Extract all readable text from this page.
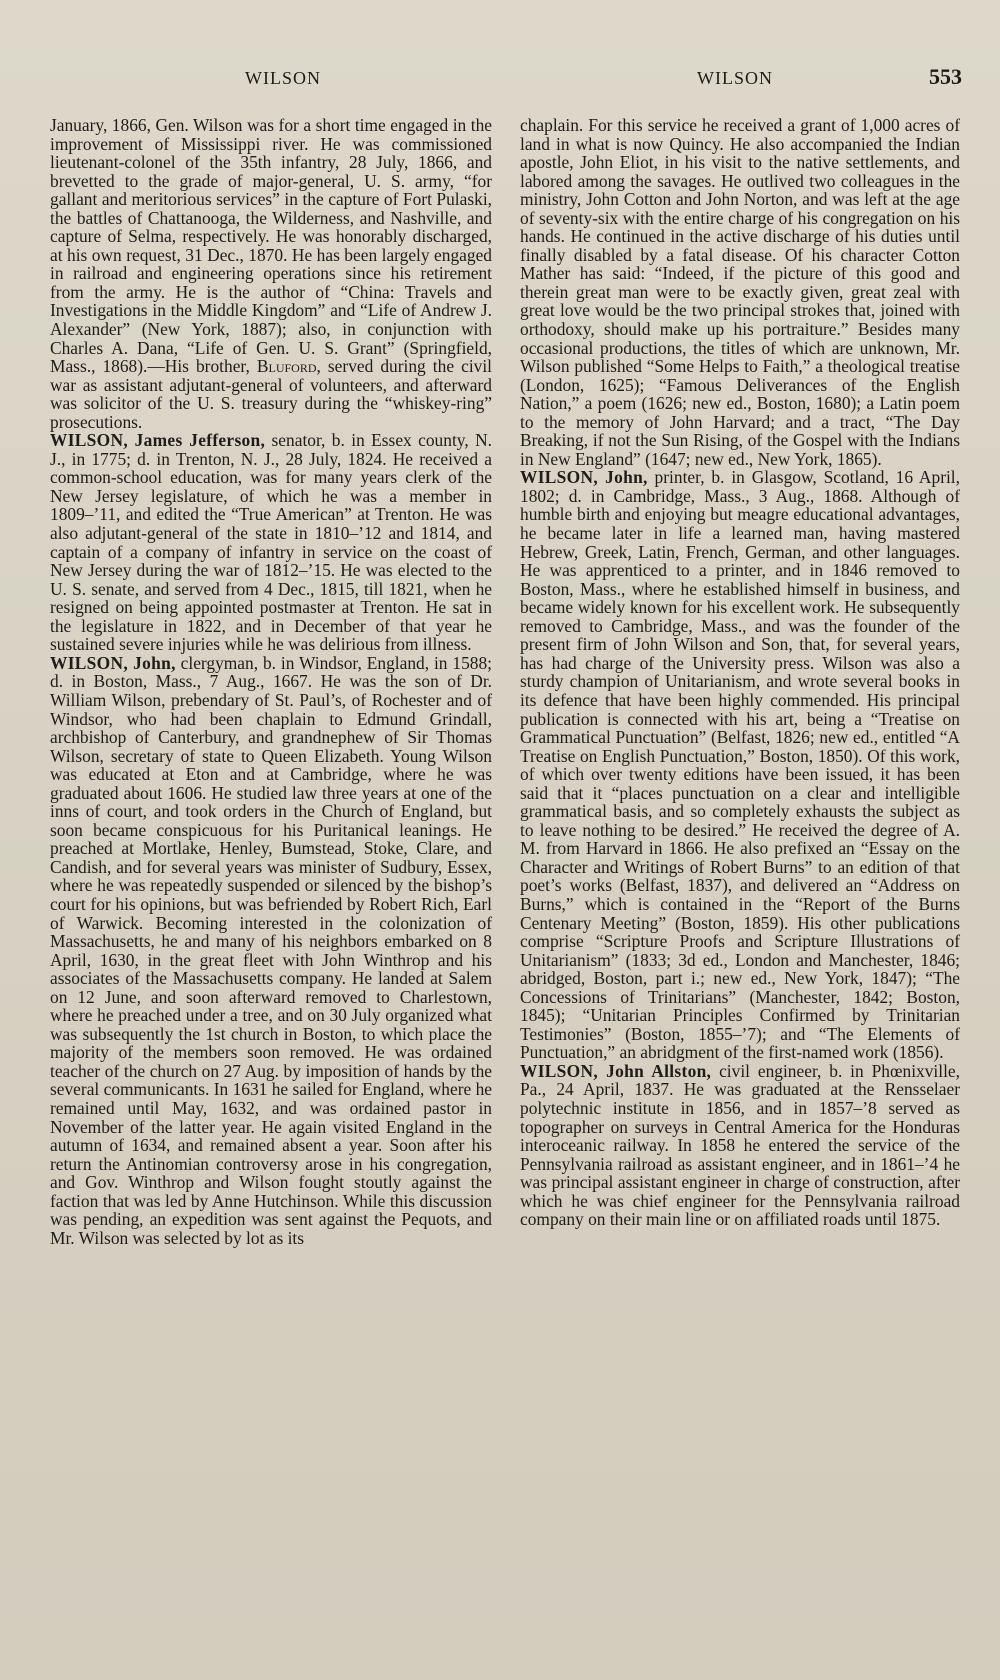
WILSON	WILSON	553

January, 1866, Gen. Wilson was for a short time engaged in the improvement of Mississippi river. He was commissioned lieutenant-colonel of the 35th infantry, 28 July, 1866, and brevetted to the grade of major-general, U. S. army, “for gallant and meritorious services” in the capture of Fort Pulaski, the battles of Chattanooga, the Wilderness, and Nashville, and capture of Selma, respectively. He was honorably discharged, at his own request, 31 Dec., 1870. He has been largely engaged in railroad and engineering operations since his retirement from the army. He is the author of “China: Travels and Investigations in the Middle Kingdom” and “Life of Andrew J. Alexander” (New York, 1887); also, in conjunction with Charles A. Dana, “Life of Gen. U. S. Grant” (Springfield, Mass., 1868).—His brother, Bluford, served during the civil war as assistant adjutant-general of volunteers, and afterward was solicitor of the U. S. treasury during the “whiskey-ring” prosecutions.

WILSON, James Jefferson, senator, b. in Essex county, N. J., in 1775; d. in Trenton, N. J., 28 July, 1824. He received a common-school education, was for many years clerk of the New Jersey legislature, of which he was a member in 1809–’11, and edited the “True American” at Trenton. He was also adjutant-general of the state in 1810–’12 and 1814, and captain of a company of infantry in service on the coast of New Jersey during the war of 1812–’15. He was elected to the U. S. senate, and served from 4 Dec., 1815, till 1821, when he resigned on being appointed postmaster at Trenton. He sat in the legislature in 1822, and in December of that year he sustained severe injuries while he was delirious from illness.

WILSON, John, clergyman, b. in Windsor, England, in 1588; d. in Boston, Mass., 7 Aug., 1667. He was the son of Dr. William Wilson, prebendary of St. Paul’s, of Rochester and of Windsor, who had been chaplain to Edmund Grindall, archbishop of Canterbury, and grandnephew of Sir Thomas Wilson, secretary of state to Queen Elizabeth. Young Wilson was educated at Eton and at Cambridge, where he was graduated about 1606. He studied law three years at one of the inns of court, and took orders in the Church of England, but soon became conspicuous for his Puritanical leanings. He preached at Mortlake, Henley, Bumstead, Stoke, Clare, and Candish, and for several years was minister of Sudbury, Essex, where he was repeatedly suspended or silenced by the bishop’s court for his opinions, but was befriended by Robert Rich, Earl of Warwick. Becoming interested in the colonization of Massachusetts, he and many of his neighbors embarked on 8 April, 1630, in the great fleet with John Winthrop and his associates of the Massachusetts company. He landed at Salem on 12 June, and soon afterward removed to Charlestown, where he preached under a tree, and on 30 July organized what was subsequently the 1st church in Boston, to which place the majority of the members soon removed. He was ordained teacher of the church on 27 Aug. by imposition of hands by the several communicants. In 1631 he sailed for England, where he remained until May, 1632, and was ordained pastor in November of the latter year. He again visited England in the autumn of 1634, and remained absent a year. Soon after his return the Antinomian controversy arose in his congregation, and Gov. Winthrop and Wilson fought stoutly against the faction that was led by Anne Hutchinson. While this discussion was pending, an expedition was sent against the Pequots, and Mr. Wilson was selected by lot as its

chaplain. For this service he received a grant of 1,000 acres of land in what is now Quincy. He also accompanied the Indian apostle, John Eliot, in his visit to the native settlements, and labored among the savages. He outlived two colleagues in the ministry, John Cotton and John Norton, and was left at the age of seventy-six with the entire charge of his congregation on his hands. He continued in the active discharge of his duties until finally disabled by a fatal disease. Of his character Cotton Mather has said: “Indeed, if the picture of this good and therein great man were to be exactly given, great zeal with great love would be the two principal strokes that, joined with orthodoxy, should make up his portraiture.” Besides many occasional productions, the titles of which are unknown, Mr. Wilson published “Some Helps to Faith,” a theological treatise (London, 1625); “Famous Deliverances of the English Nation,” a poem (1626; new ed., Boston, 1680); a Latin poem to the memory of John Harvard; and a tract, “The Day Breaking, if not the Sun Rising, of the Gospel with the Indians in New England” (1647; new ed., New York, 1865).

WILSON, John, printer, b. in Glasgow, Scotland, 16 April, 1802; d. in Cambridge, Mass., 3 Aug., 1868. Although of humble birth and enjoying but meagre educational advantages, he became later in life a learned man, having mastered Hebrew, Greek, Latin, French, German, and other languages. He was apprenticed to a printer, and in 1846 removed to Boston, Mass., where he established himself in business, and became widely known for his excellent work. He subsequently removed to Cambridge, Mass., and was the founder of the present firm of John Wilson and Son, that, for several years, has had charge of the University press. Wilson was also a sturdy champion of Unitarianism, and wrote several books in its defence that have been highly commended. His principal publication is connected with his art, being a “Treatise on Grammatical Punctuation” (Belfast, 1826; new ed., entitled “A Treatise on English Punctuation,” Boston, 1850). Of this work, of which over twenty editions have been issued, it has been said that it “places punctuation on a clear and intelligible grammatical basis, and so completely exhausts the subject as to leave nothing to be desired.” He received the degree of A. M. from Harvard in 1866. He also prefixed an “Essay on the Character and Writings of Robert Burns” to an edition of that poet’s works (Belfast, 1837), and delivered an “Address on Burns,” which is contained in the “Report of the Burns Centenary Meeting” (Boston, 1859). His other publications comprise “Scripture Proofs and Scripture Illustrations of Unitarianism” (1833; 3d ed., London and Manchester, 1846; abridged, Boston, part i.; new ed., New York, 1847); “The Concessions of Trinitarians” (Manchester, 1842; Boston, 1845); “Unitarian Principles Confirmed by Trinitarian Testimonies” (Boston, 1855–’7); and “The Elements of Punctuation,” an abridgment of the first-named work (1856).

WILSON, John Allston, civil engineer, b. in Phœnixville, Pa., 24 April, 1837. He was graduated at the Rensselaer polytechnic institute in 1856, and in 1857–’8 served as topographer on surveys in Central America for the Honduras interoceanic railway. In 1858 he entered the service of the Pennsylvania railroad as assistant engineer, and in 1861–’4 he was principal assistant engineer in charge of construction, after which he was chief engineer for the Pennsylvania railroad company on their main line or on affiliated roads until 1875.
